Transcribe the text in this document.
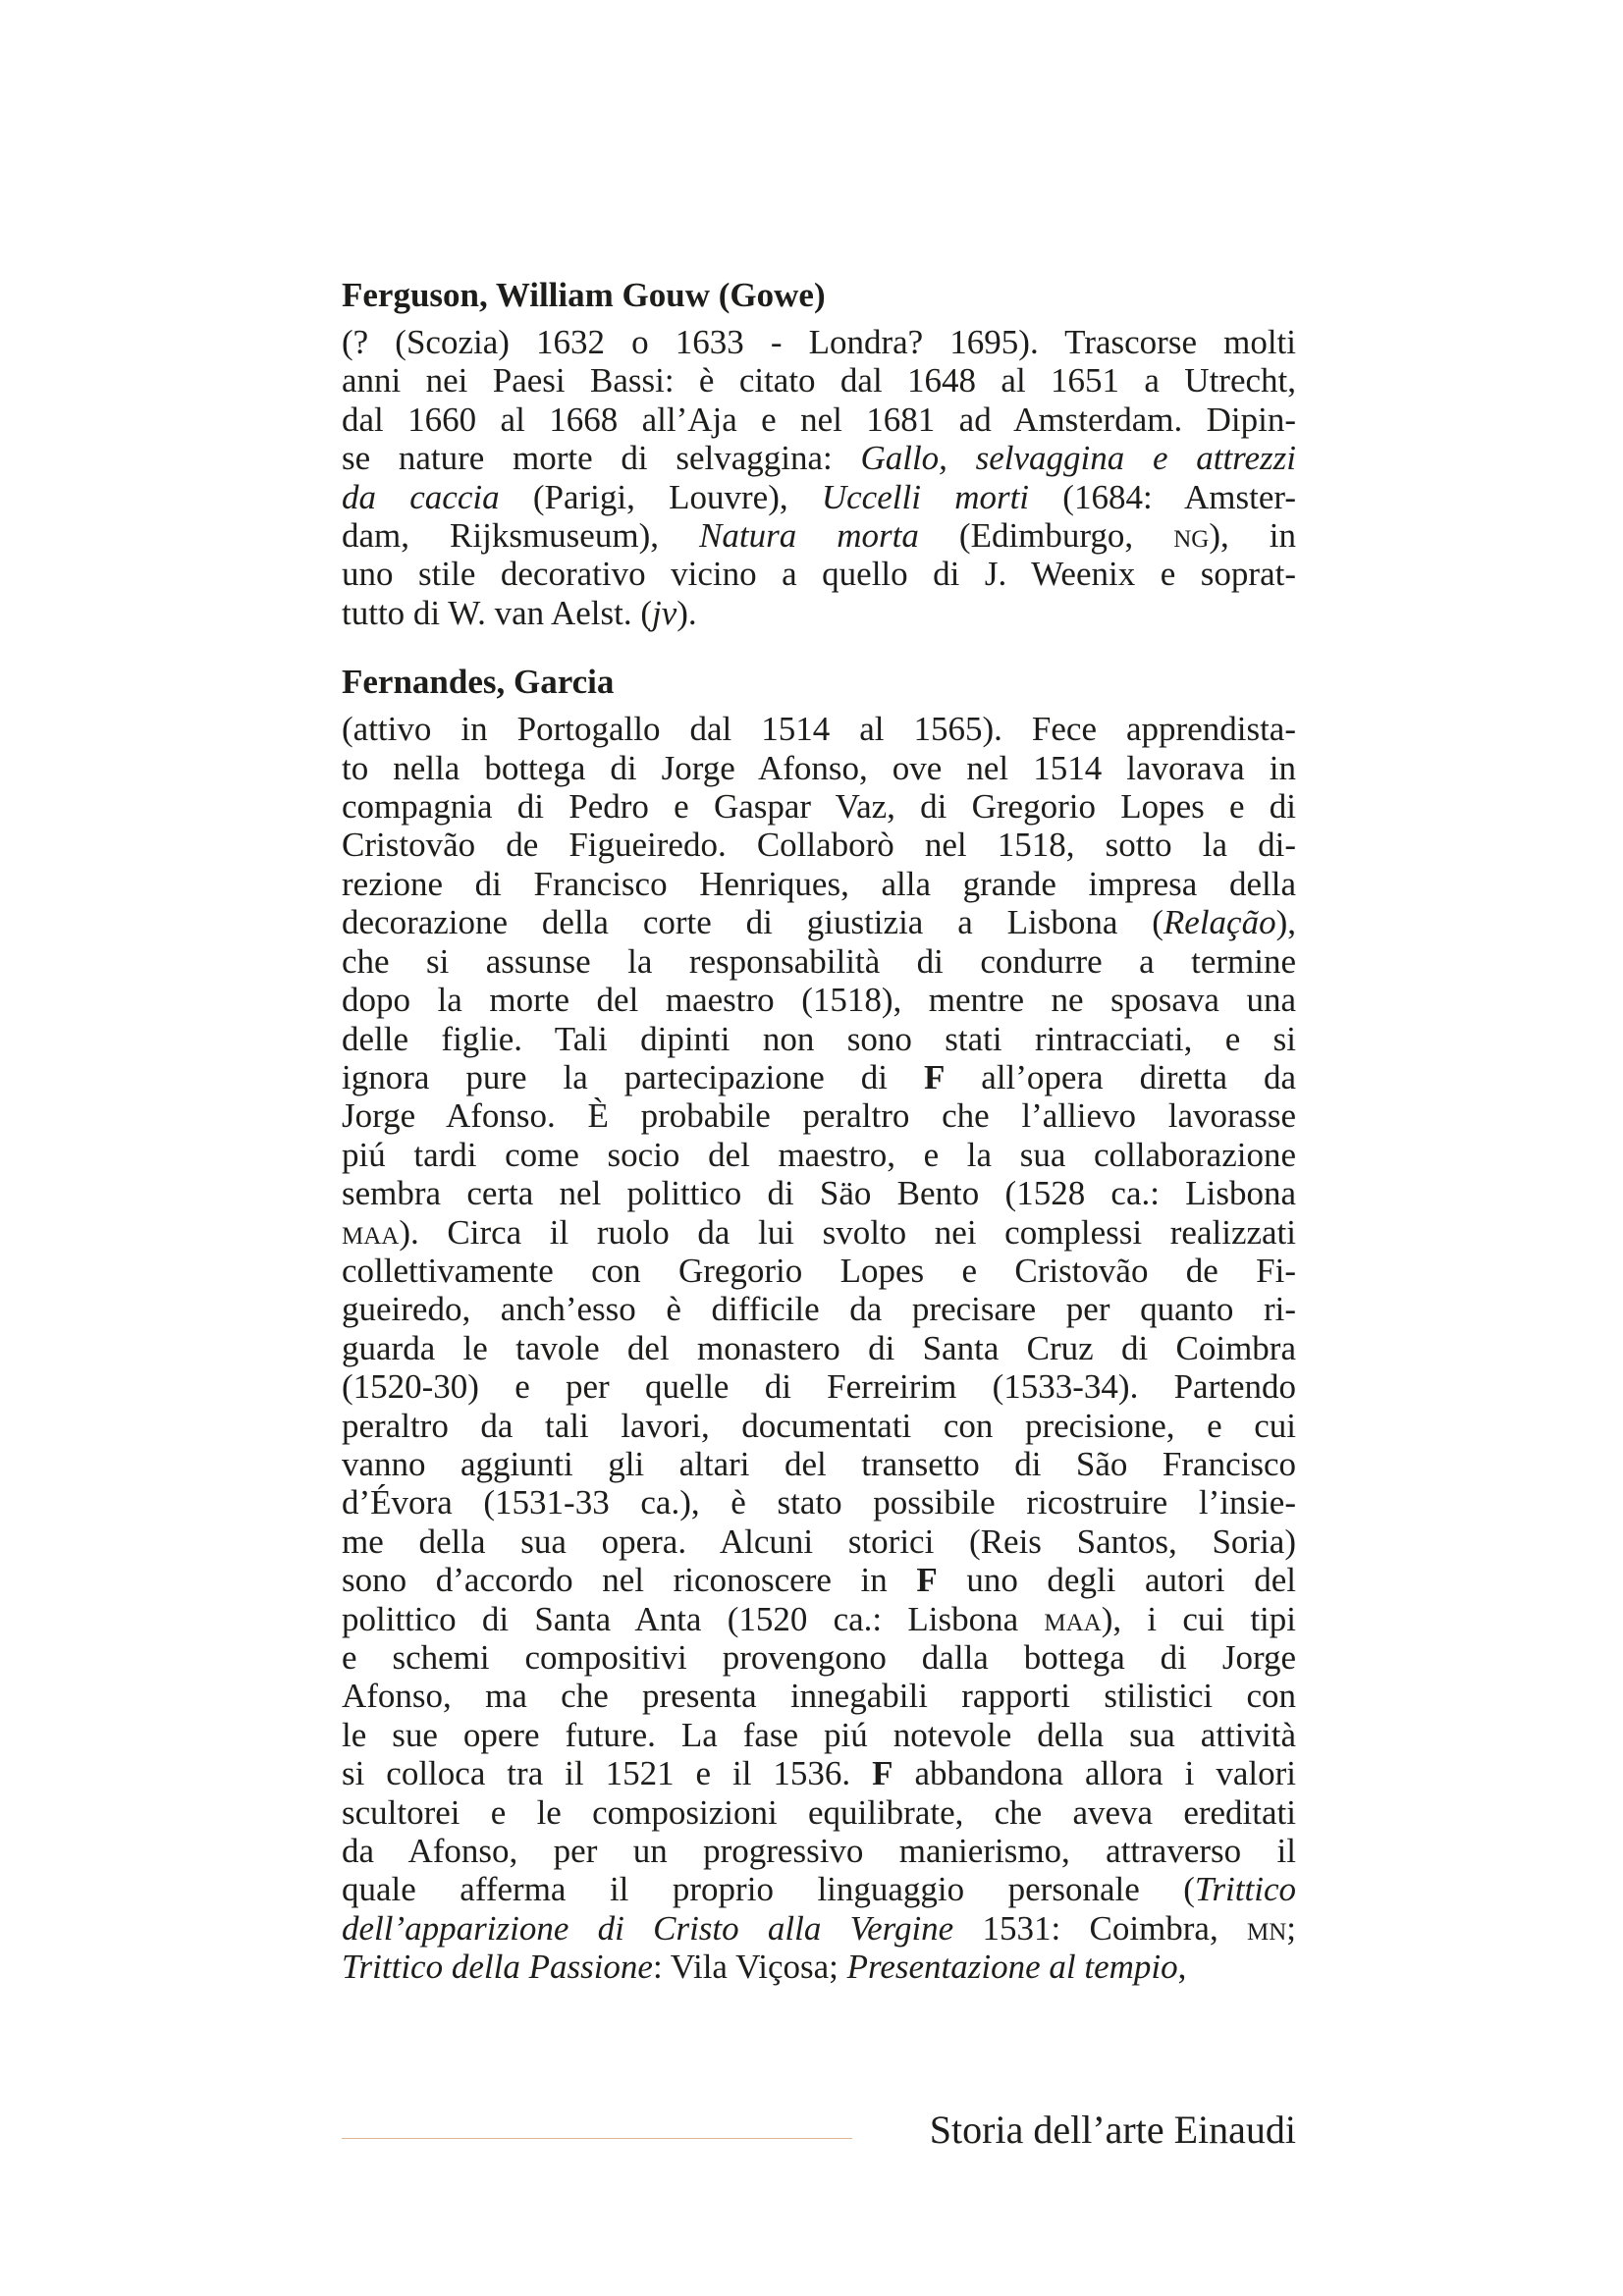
Ferguson, William Gouw (Gowe)
(? (Scozia) 1632 o 1633 - Londra? 1695). Trascorse molti
anni nei Paesi Bassi: è citato dal 1648 al 1651 a Utrecht,
dal 1660 al 1668 all’Aja e nel 1681 ad Amsterdam. Dipin-
se nature morte di selvaggina: Gallo, selvaggina e attrezzi
da caccia (Parigi, Louvre), Uccelli morti (1684: Amster-
dam, Rijksmuseum), Natura morta (Edimburgo, ng), in
uno stile decorativo vicino a quello di J. Weenix e soprat-
tutto di W. van Aelst. (jv).
Fernandes, Garcia
(attivo in Portogallo dal 1514 al 1565). Fece apprendista-
to nella bottega di Jorge Afonso, ove nel 1514 lavorava in
compagnia di Pedro e Gaspar Vaz, di Gregorio Lopes e di
Cristovão de Figueiredo. Collaborò nel 1518, sotto la di-
rezione di Francisco Henriques, alla grande impresa della
decorazione della corte di giustizia a Lisbona (Relação),
che si assunse la responsabilità di condurre a termine
dopo la morte del maestro (1518), mentre ne sposava una
delle figlie. Tali dipinti non sono stati rintracciati, e si
ignora pure la partecipazione di F all’opera diretta da
Jorge Afonso. È probabile peraltro che l’allievo lavorasse
piú tardi come socio del maestro, e la sua collaborazione
sembra certa nel polittico di Säo Bento (1528 ca.: Lisbona
maa). Circa il ruolo da lui svolto nei complessi realizzati
collettivamente con Gregorio Lopes e Cristovão de Fi-
gueiredo, anch’esso è difficile da precisare per quanto ri-
guarda le tavole del monastero di Santa Cruz di Coimbra
(1520-30) e per quelle di Ferreirim (1533-34). Partendo
peraltro da tali lavori, documentati con precisione, e cui
vanno aggiunti gli altari del transetto di São Francisco
d’Évora (1531-33 ca.), è stato possibile ricostruire l’insie-
me della sua opera. Alcuni storici (Reis Santos, Soria)
sono d’accordo nel riconoscere in F uno degli autori del
polittico di Santa Anta (1520 ca.: Lisbona maa), i cui tipi
e schemi compositivi provengono dalla bottega di Jorge
Afonso, ma che presenta innegabili rapporti stilistici con
le sue opere future. La fase piú notevole della sua attività
si colloca tra il 1521 e il 1536. F abbandona allora i valori
scultorei e le composizioni equilibrate, che aveva ereditati
da Afonso, per un progressivo manierismo, attraverso il
quale afferma il proprio linguaggio personale (Trittico
dell’apparizione di Cristo alla Vergine 1531: Coimbra, mn;
Trittico della Passione: Vila Viçosa; Presentazione al tempio,
Storia dell’arte Einaudi
